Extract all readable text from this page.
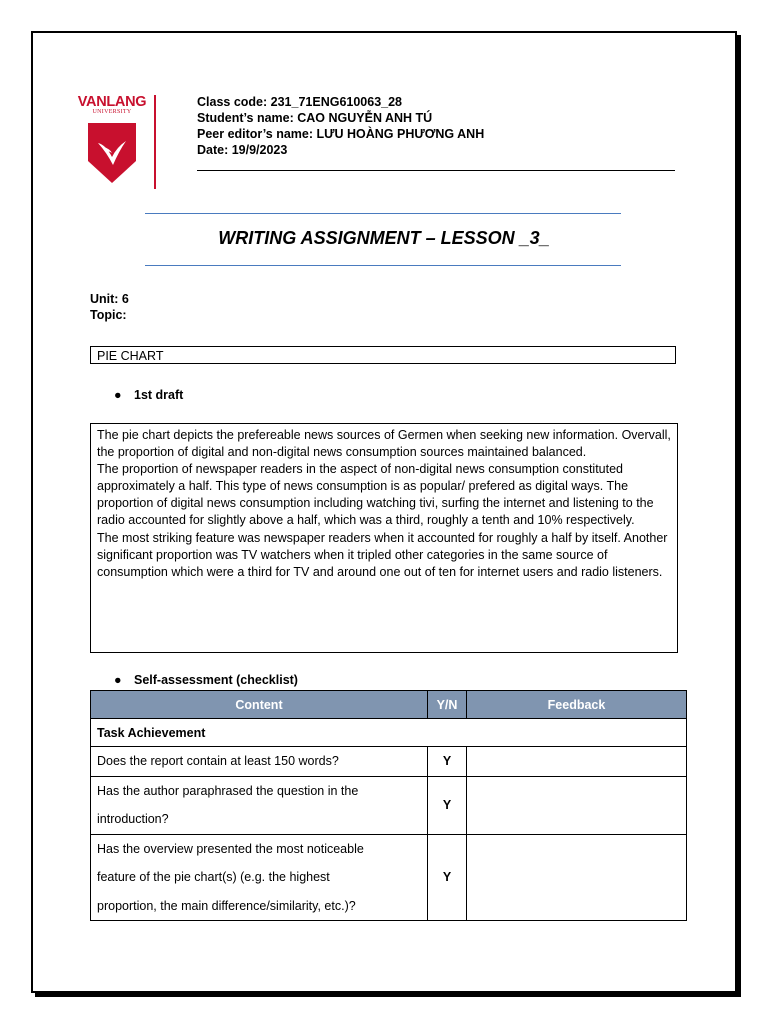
VANLANG
UNIVERSITY
Class code: 231_71ENG610063_28
Student’s name: CAO NGUYỄN ANH TÚ
Peer editor’s name: LƯU HOÀNG PHƯƠNG ANH
Date: 19/9/2023
WRITING ASSIGNMENT – LESSON _3_
Unit: 6
Topic:
PIE CHART
● 1st draft

The pie chart depicts the prefereable news sources of Germen when seeking new information. Overvall, the proportion of digital and non-digital news consumption sources maintained balanced.

The proportion of newspaper readers in the aspect of non-digital news consumption constituted approximately a half. This type of news consumption is as popular/ prefered as digital ways. The proportion of digital news consumption including watching tivi, surfing the internet and listening to the radio accounted for slightly above a half, which was a third, roughly a tenth and 10% respectively.

The most striking feature was newspaper readers when it accounted for roughly a half by itself. Another significant proportion was TV watchers when it tripled other categories in the same source of consumption which were a third for TV and around one out of ten for internet users and radio listeners.

● Self-assessment (checklist)
Content	Y/N	Feedback
Task Achievement		

Does the report contain at least 150 words?	Y	

Has the author paraphrased the question in the
introduction?	Y	

Has the overview presented the most noticeable
feature of the pie chart(s) (e.g. the highest
proportion, the main difference/similarity, etc.)?	Y	
